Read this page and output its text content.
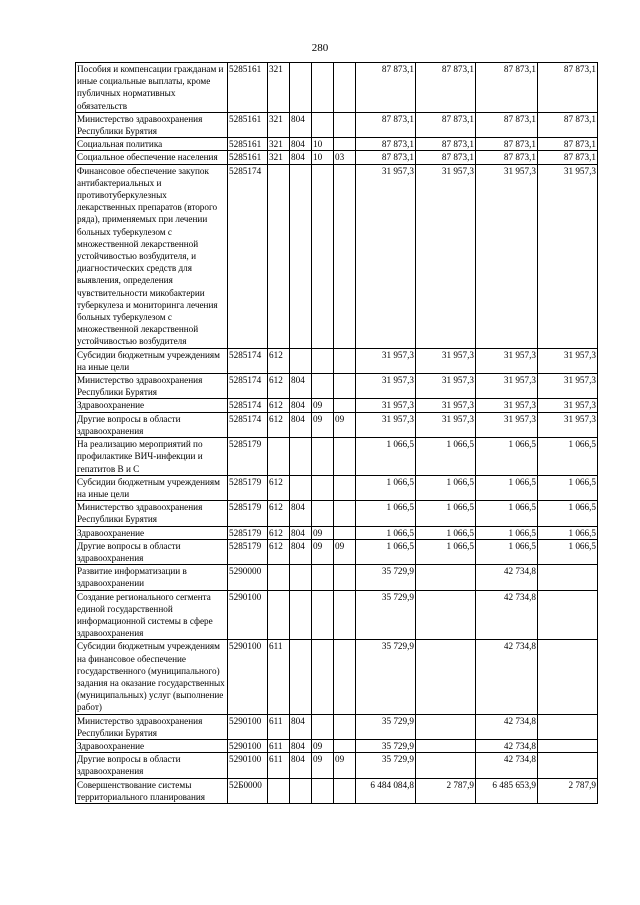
280
Пособия и компенсации гражданам и иные социальные выплаты, кроме публичных нормативных обязательств	5285161	321				87 873,1	87 873,1	87 873,1	87 873,1
Министерство здравоохранения Республики Бурятия	5285161	321	804			87 873,1	87 873,1	87 873,1	87 873,1
Социальная политика	5285161	321	804	10		87 873,1	87 873,1	87 873,1	87 873,1
Социальное обеспечение населения	5285161	321	804	10	03	87 873,1	87 873,1	87 873,1	87 873,1
Финансовое обеспечение закупок антибактериальных и противотуберкулезных лекарственных препаратов (второго ряда), применяемых при лечении больных туберкулезом с множественной лекарственной устойчивостью возбудителя, и диагностических средств для выявления, определения чувствительности микобактерии туберкулеза и мониторинга лечения больных туберкулезом с множественной лекарственной устойчивостью возбудителя	5285174					31 957,3	31 957,3	31 957,3	31 957,3
Субсидии бюджетным учреждениям на иные цели	5285174	612				31 957,3	31 957,3	31 957,3	31 957,3
Министерство здравоохранения Республики Бурятия	5285174	612	804			31 957,3	31 957,3	31 957,3	31 957,3
Здравоохранение	5285174	612	804	09		31 957,3	31 957,3	31 957,3	31 957,3
Другие вопросы в области здравоохранения	5285174	612	804	09	09	31 957,3	31 957,3	31 957,3	31 957,3
На реализацию мероприятий по профилактике ВИЧ-инфекции и гепатитов В и С	5285179					1 066,5	1 066,5	1 066,5	1 066,5
Субсидии бюджетным учреждениям на иные цели	5285179	612				1 066,5	1 066,5	1 066,5	1 066,5
Министерство здравоохранения Республики Бурятия	5285179	612	804			1 066,5	1 066,5	1 066,5	1 066,5
Здравоохранение	5285179	612	804	09		1 066,5	1 066,5	1 066,5	1 066,5
Другие вопросы в области здравоохранения	5285179	612	804	09	09	1 066,5	1 066,5	1 066,5	1 066,5
Развитие информатизации в здравоохранении	5290000					35 729,9		42 734,8	
Создание регионального сегмента единой государственной информационной системы в сфере здравоохранения	5290100					35 729,9		42 734,8	
Субсидии бюджетным учреждениям на финансовое обеспечение государственного (муниципального) задания на оказание государственных (муниципальных) услуг (выполнение работ)	5290100	611				35 729,9		42 734,8	
Министерство здравоохранения Республики Бурятия	5290100	611	804			35 729,9		42 734,8	
Здравоохранение	5290100	611	804	09		35 729,9		42 734,8	
Другие вопросы в области здравоохранения	5290100	611	804	09	09	35 729,9		42 734,8	
Совершенствование системы территориального планирования	52Б0000					6 484 084,8	2 787,9	6 485 653,9	2 787,9
